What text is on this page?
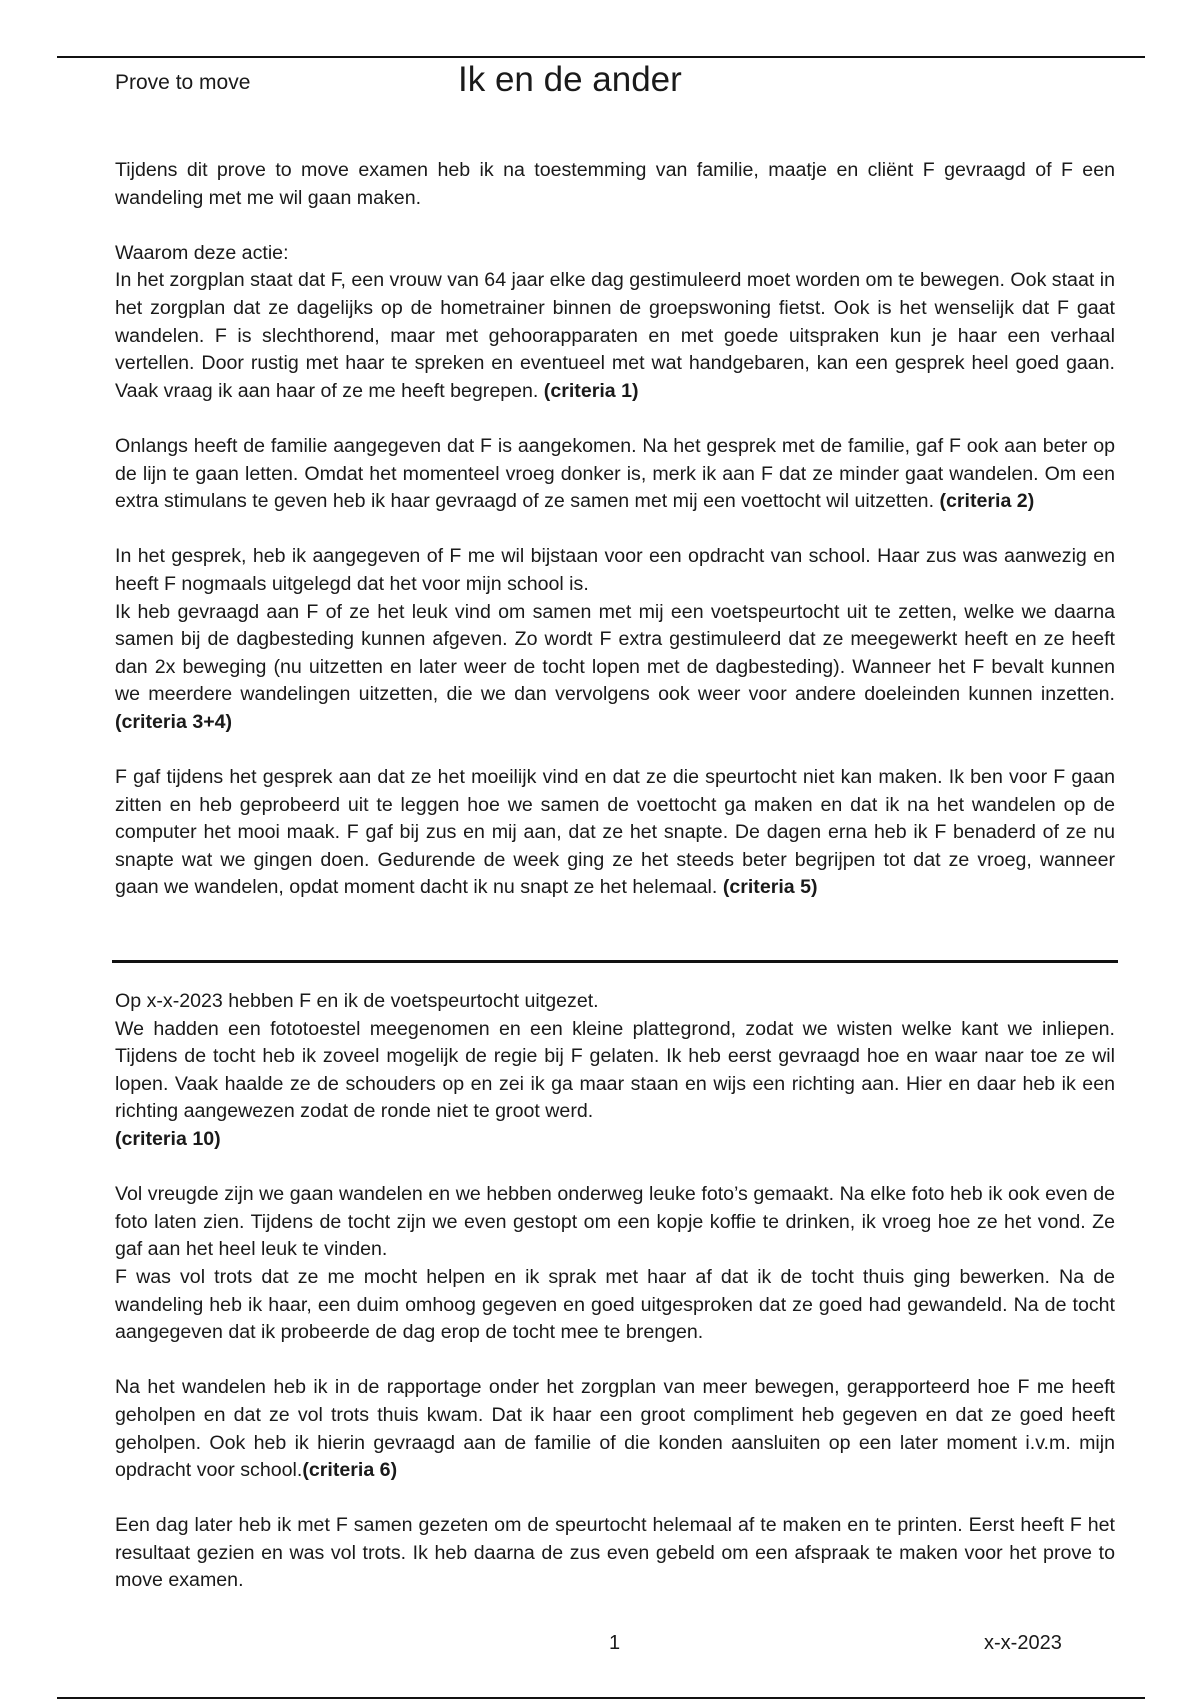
Prove to move	Ik en de ander

Tijdens dit prove to move examen heb ik na toestemming van familie, maatje en cliënt F gevraagd of F een wandeling met me wil gaan maken.

Waarom deze actie:

In het zorgplan staat dat F, een vrouw van 64 jaar elke dag gestimuleerd moet worden om te bewegen. Ook staat in het zorgplan dat ze dagelijks op de hometrainer binnen de groepswoning fietst. Ook is het wenselijk dat F gaat wandelen. F is slechthorend, maar met gehoorapparaten en met goede uitspraken kun je haar een verhaal vertellen. Door rustig met haar te spreken en eventueel met wat handgebaren, kan een gesprek heel goed gaan. Vaak vraag ik aan haar of ze me heeft begrepen. (criteria 1)

Onlangs heeft de familie aangegeven dat F is aangekomen. Na het gesprek met de familie, gaf F ook aan beter op de lijn te gaan letten. Omdat het momenteel vroeg donker is, merk ik aan F dat ze minder gaat wandelen. Om een extra stimulans te geven heb ik haar gevraagd of ze samen met mij een voettocht wil uitzetten. (criteria 2)

In het gesprek, heb ik aangegeven of F me wil bijstaan voor een opdracht van school. Haar zus was aanwezig en heeft F nogmaals uitgelegd dat het voor mijn school is.

Ik heb gevraagd aan F of ze het leuk vind om samen met mij een voetspeurtocht uit te zetten, welke we daarna samen bij de dagbesteding kunnen afgeven. Zo wordt F extra gestimuleerd dat ze meegewerkt heeft en ze heeft dan 2x beweging (nu uitzetten en later weer de tocht lopen met de dagbesteding). Wanneer het F bevalt kunnen we meerdere wandelingen uitzetten, die we dan vervolgens ook weer voor andere doeleinden kunnen inzetten. (criteria 3+4)

F gaf tijdens het gesprek aan dat ze het moeilijk vind en dat ze die speurtocht niet kan maken. Ik ben voor F gaan zitten en heb geprobeerd uit te leggen hoe we samen de voettocht ga maken en dat ik na het wandelen op de computer het mooi maak. F gaf bij zus en mij aan, dat ze het snapte. De dagen erna heb ik F benaderd of ze nu snapte wat we gingen doen. Gedurende de week ging ze het steeds beter begrijpen tot dat ze vroeg, wanneer gaan we wandelen, opdat moment dacht ik nu snapt ze het helemaal. (criteria 5)

Op x-x-2023 hebben F en ik de voetspeurtocht uitgezet.

We hadden een fototoestel meegenomen en een kleine plattegrond, zodat we wisten welke kant we inliepen. Tijdens de tocht heb ik zoveel mogelijk de regie bij F gelaten. Ik heb eerst gevraagd hoe en waar naar toe ze wil lopen. Vaak haalde ze de schouders op en zei ik ga maar staan en wijs een richting aan. Hier en daar heb ik een richting aangewezen zodat de ronde niet te groot werd.

(criteria 10)

Vol vreugde zijn we gaan wandelen en we hebben onderweg leuke foto’s gemaakt. Na elke foto heb ik ook even de foto laten zien. Tijdens de tocht zijn we even gestopt om een kopje koffie te drinken, ik vroeg hoe ze het vond. Ze gaf aan het heel leuk te vinden.

F was vol trots dat ze me mocht helpen en ik sprak met haar af dat ik de tocht thuis ging bewerken. Na de wandeling heb ik haar, een duim omhoog gegeven en goed uitgesproken dat ze goed had gewandeld. Na de tocht aangegeven dat ik probeerde de dag erop de tocht mee te brengen.

Na het wandelen heb ik in de rapportage onder het zorgplan van meer bewegen, gerapporteerd hoe F me heeft geholpen en dat ze vol trots thuis kwam. Dat ik haar een groot compliment heb gegeven en dat ze goed heeft geholpen. Ook heb ik hierin gevraagd aan de familie of die konden aansluiten op een later moment i.v.m. mijn opdracht voor school.(criteria 6)

Een dag later heb ik met F samen gezeten om de speurtocht helemaal af te maken en te printen. Eerst heeft F het resultaat gezien en was vol trots. Ik heb daarna de zus even gebeld om een afspraak te maken voor het prove to move examen.

1	x-x-2023
